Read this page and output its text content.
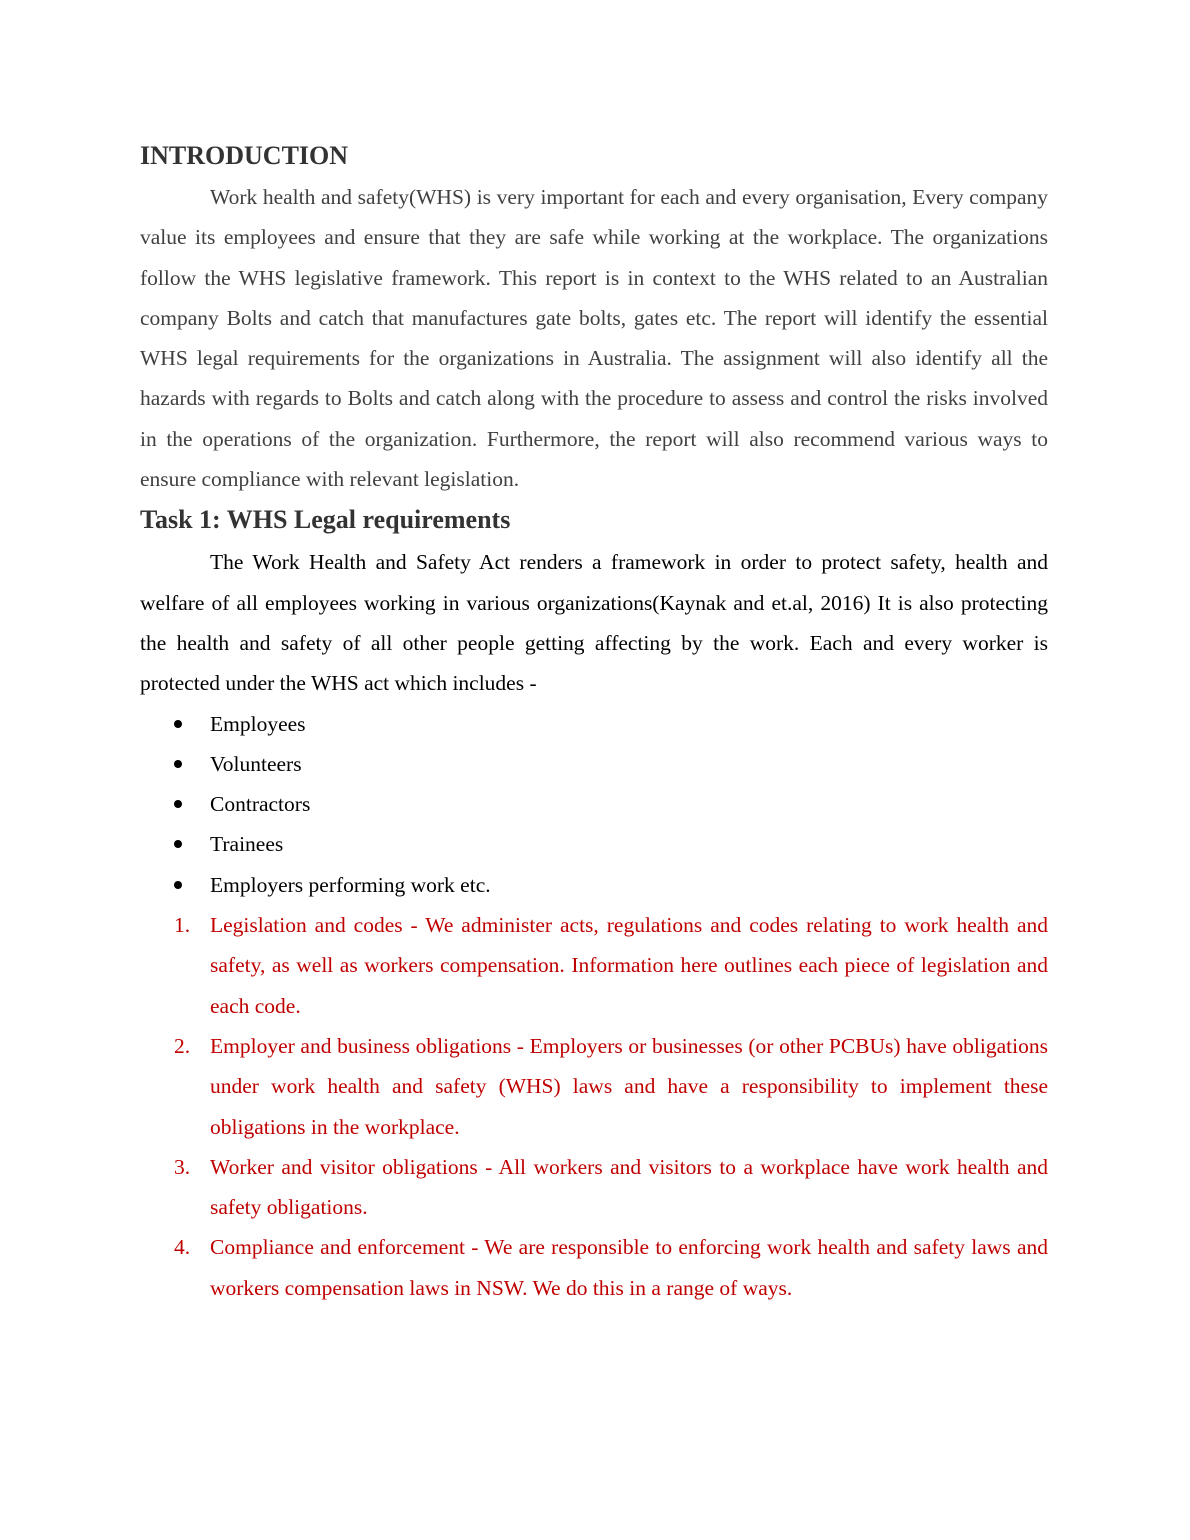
INTRODUCTION

Work health and safety(WHS) is very important for each and every organisation, Every company value its employees and ensure that they are safe while working at the workplace. The organizations follow the WHS legislative framework. This report is in context to the WHS related to an Australian company Bolts and catch that manufactures gate bolts, gates etc. The report will identify the essential WHS legal requirements for the organizations in Australia. The assignment will also identify all the hazards with regards to Bolts and catch along with the procedure to assess and control the risks involved in the operations of the organization. Furthermore, the report will also recommend various ways to ensure compliance with relevant legislation.

Task 1: WHS Legal requirements

The Work Health and Safety Act renders a framework in order to protect safety, health and welfare of all employees working in various organizations(Kaynak and et.al, 2016) It is also protecting the health and safety of all other people getting affecting by the work. Each and every worker is protected under the WHS act which includes -

Employees
Volunteers
Contractors
Trainees
Employers performing work etc.
1. Legislation and codes - We administer acts, regulations and codes relating to work health and safety, as well as workers compensation. Information here outlines each piece of legislation and each code.
2. Employer and business obligations - Employers or businesses (or other PCBUs) have obligations under work health and safety (WHS) laws and have a responsibility to implement these obligations in the workplace.
3. Worker and visitor obligations - All workers and visitors to a workplace have work health and safety obligations.
4. Compliance and enforcement - We are responsible to enforcing work health and safety laws and workers compensation laws in NSW. We do this in a range of ways.
